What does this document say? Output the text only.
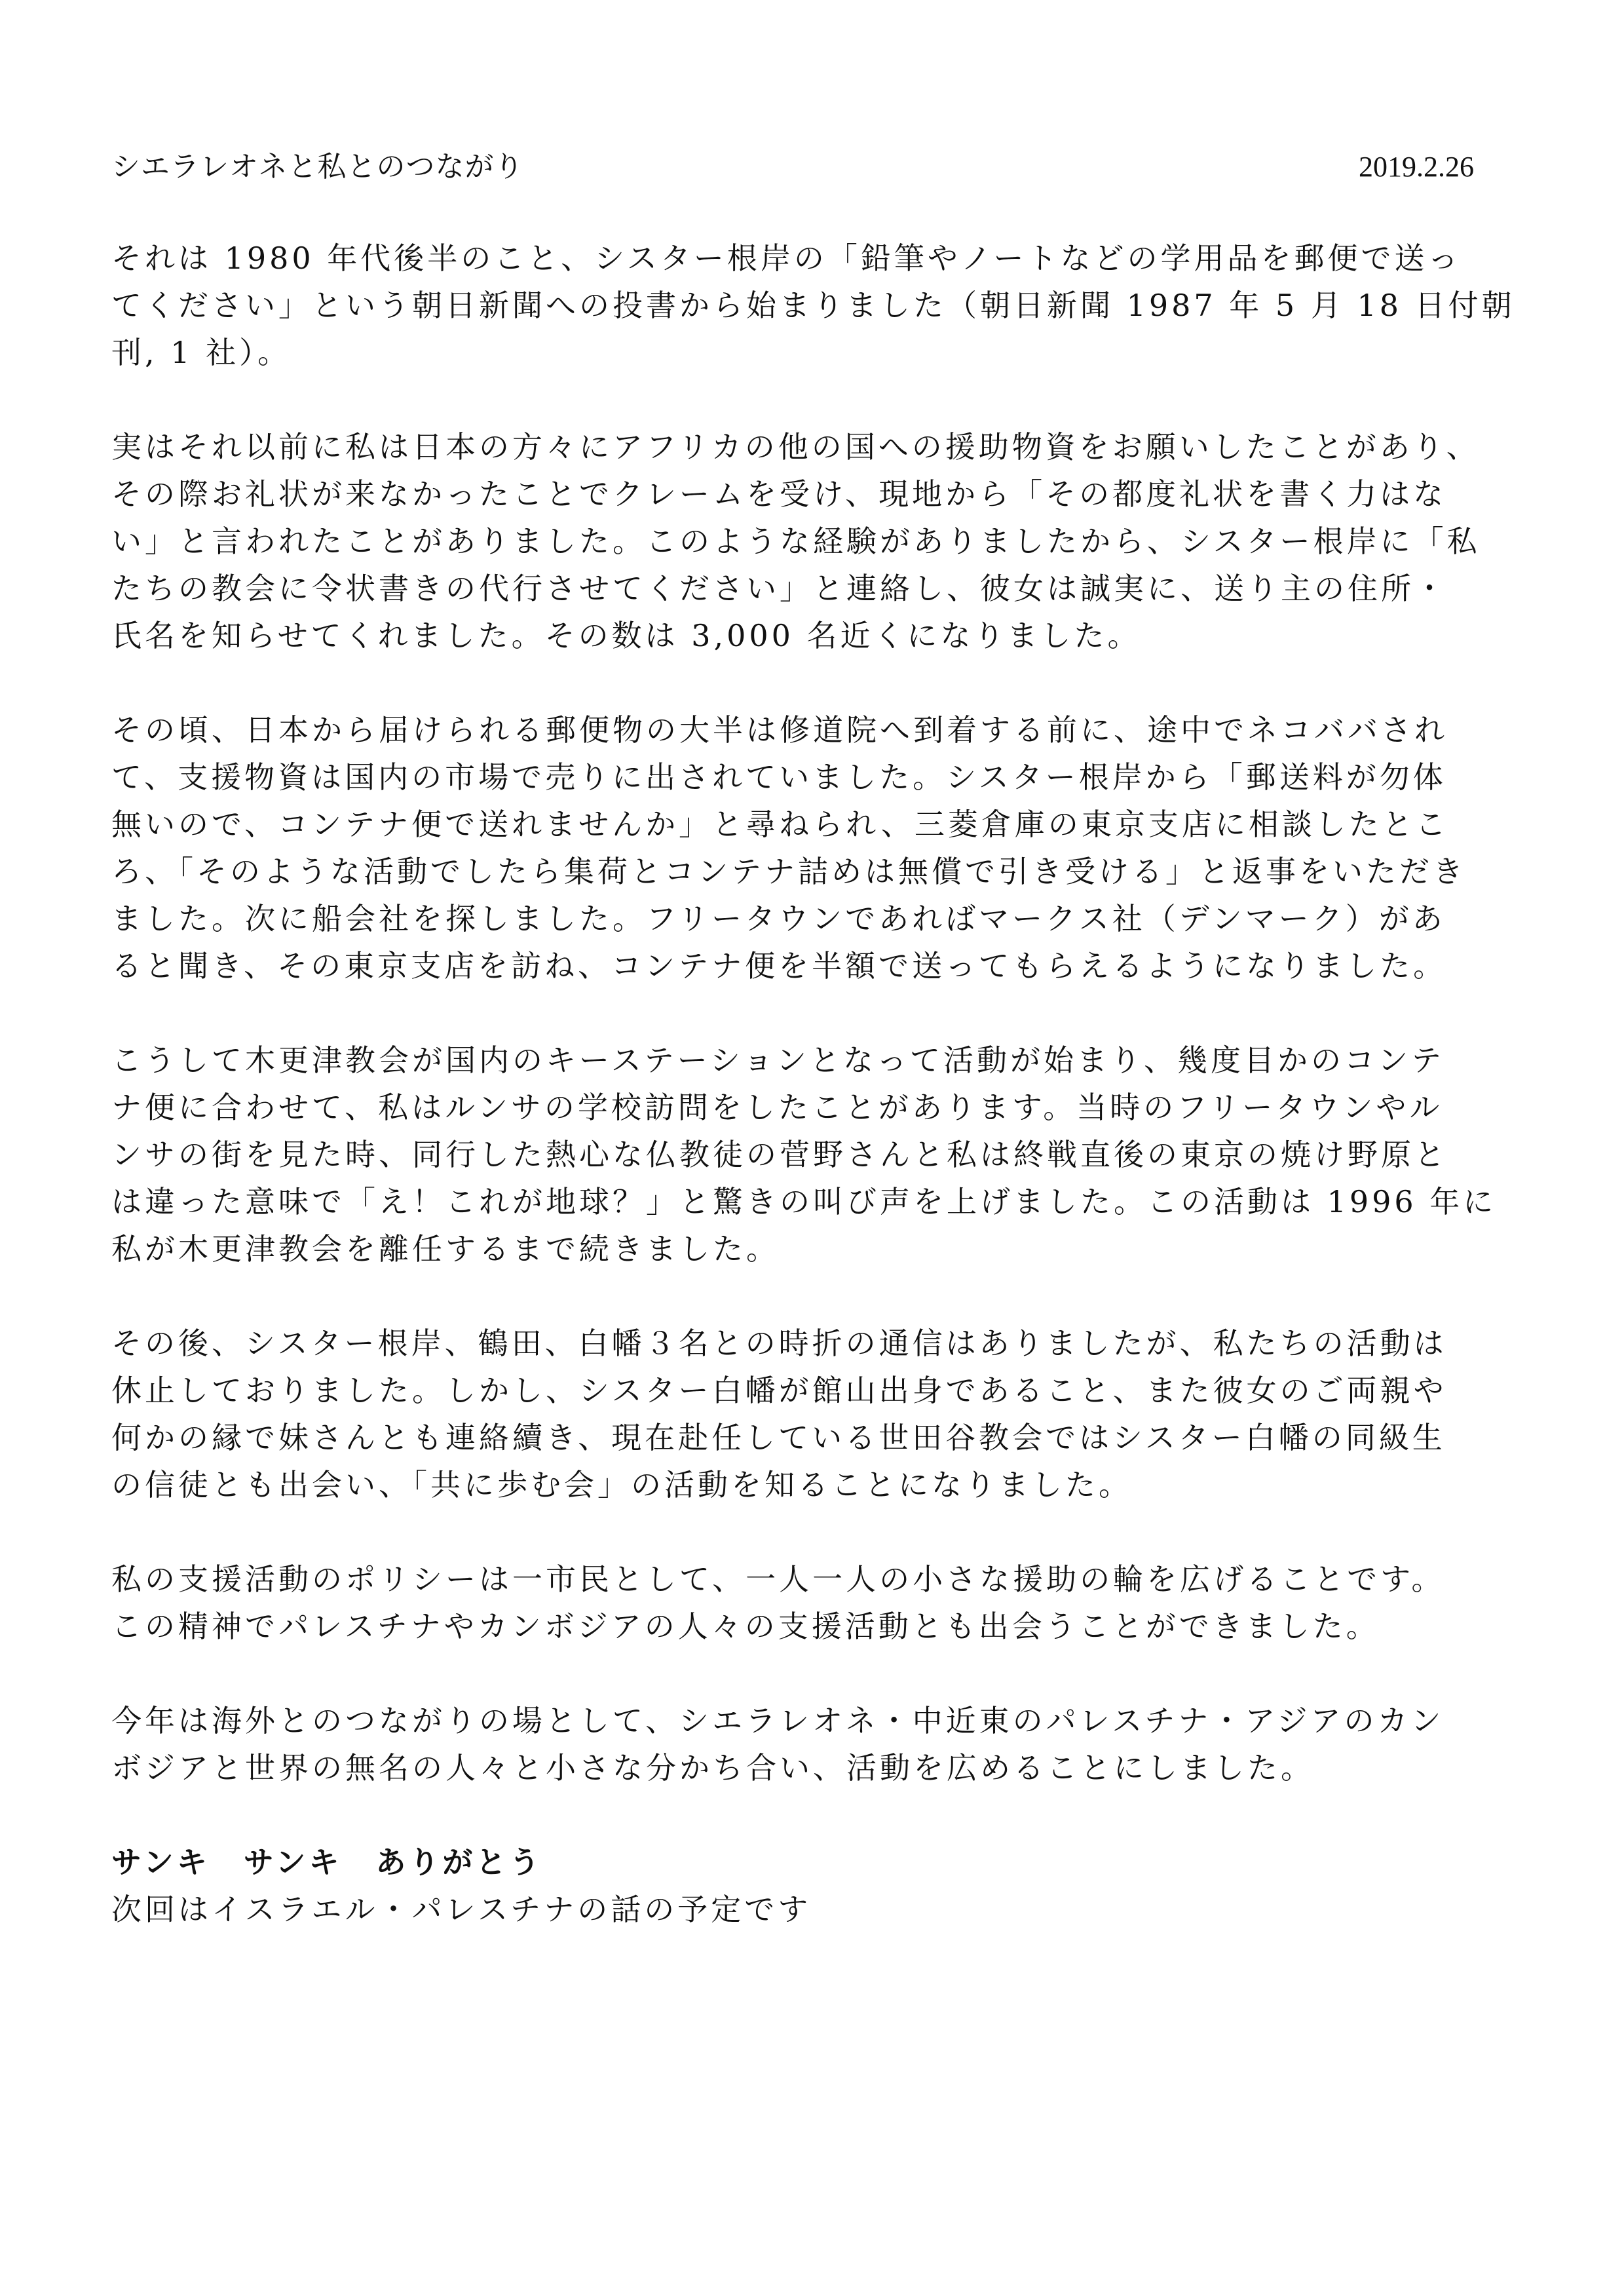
シエラレオネと私とのつながり	2019.2.26
それは 1980 年代後半のこと、シスター根岸の「鉛筆やノートなどの学用品を郵便で送っ
てください」という朝日新聞への投書から始まりました（朝日新聞 1987 年 5 月 18 日付朝
刊, 1 社）。
実はそれ以前に私は日本の方々にアフリカの他の国への援助物資をお願いしたことがあり、
その際お礼状が来なかったことでクレームを受け、現地から「その都度礼状を書く力はな
い」と言われたことがありました。このような経験がありましたから、シスター根岸に「私
たちの教会に令状書きの代行させてください」と連絡し、彼女は誠実に、送り主の住所・
氏名を知らせてくれました。その数は 3,000 名近くになりました。
その頃、日本から届けられる郵便物の大半は修道院へ到着する前に、途中でネコババされ
て、支援物資は国内の市場で売りに出されていました。シスター根岸から「郵送料が勿体
無いので、コンテナ便で送れませんか」と尋ねられ、三菱倉庫の東京支店に相談したとこ
ろ、「そのような活動でしたら集荷とコンテナ詰めは無償で引き受ける」と返事をいただき
ました。次に船会社を探しました。フリータウンであればマークス社（デンマーク）があ
ると聞き、その東京支店を訪ね、コンテナ便を半額で送ってもらえるようになりました。
こうして木更津教会が国内のキーステーションとなって活動が始まり、幾度目かのコンテ
ナ便に合わせて、私はルンサの学校訪問をしたことがあります。当時のフリータウンやル
ンサの街を見た時、同行した熱心な仏教徒の菅野さんと私は終戦直後の東京の焼け野原と
は違った意味で「え！これが地球？」と驚きの叫び声を上げました。この活動は 1996 年に
私が木更津教会を離任するまで続きました。
その後、シスター根岸、鶴田、白幡３名との時折の通信はありましたが、私たちの活動は
休止しておりました。しかし、シスター白幡が館山出身であること、また彼女のご両親や
何かの縁で妹さんとも連絡續き、現在赴任している世田谷教会ではシスター白幡の同級生
の信徒とも出会い、「共に歩む会」の活動を知ることになりました。
私の支援活動のポリシーは一市民として、一人一人の小さな援助の輪を広げることです。
この精神でパレスチナやカンボジアの人々の支援活動とも出会うことができました。
今年は海外とのつながりの場として、シエラレオネ・中近東のパレスチナ・アジアのカン
ボジアと世界の無名の人々と小さな分かち合い、活動を広めることにしました。
サンキ　サンキ　ありがとう
次回はイスラエル・パレスチナの話の予定です
